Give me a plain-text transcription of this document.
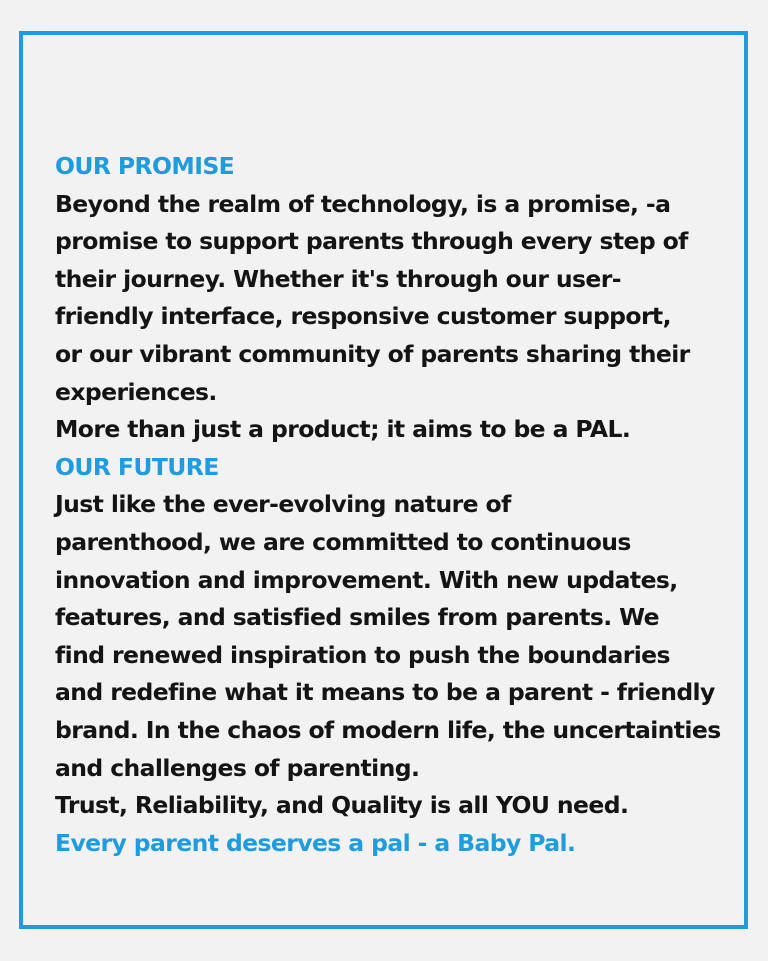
OUR PROMISE
Beyond the realm of technology, is a promise, -a
promise to support parents through every step of
their journey. Whether it's through our user-
friendly interface, responsive customer support,
or our vibrant community of parents sharing their
experiences.
More than just a product; it aims to be a PAL.
OUR FUTURE
Just like the ever-evolving nature of
parenthood, we are committed to continuous
innovation and improvement. With new updates,
features, and satisfied smiles from parents. We
find renewed inspiration to push the boundaries
and redefine what it means to be a parent - friendly
brand. In the chaos of modern life, the uncertainties
and challenges of parenting.
Trust, Reliability, and Quality is all YOU need.
Every parent deserves a pal - a Baby Pal.
